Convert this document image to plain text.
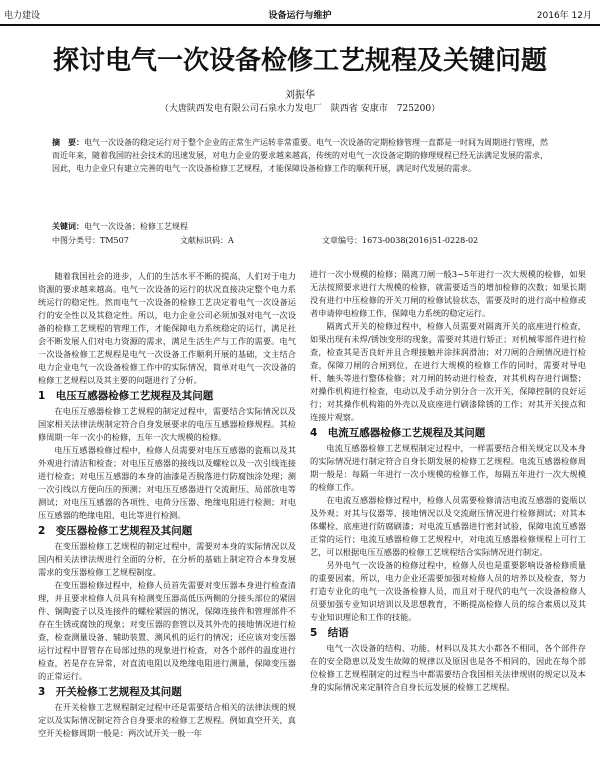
电力建设	设备运行与维护	2016年 12月
探讨电气一次设备检修工艺规程及关键问题
刘振华
（大唐陕西发电有限公司石泉水力发电厂　陕西省 安康市　725200）
摘　要：电气一次设备的稳定运行对于整个企业的正常生产运转非常重要。电气一次设备的定期检修管理一直都是一时间为周期进行管理，然而近年来，随着我国的社会技术的迅速发展，对电力企业的要求越来越高，传统的对电气一次设备定期的修理规程已经无法满足发展的需求，因此，电力企业只有建立完善的电气一次设备检修工艺规程，才能保障设备检修工作的顺利开展，满足时代发展的需求。
关键词：电气一次设备；检修工艺规程
中图分类号：TM507	文献标识码：A	文章编号：1673-0038(2016)51-0228-02

随着我国社会的进步，人们的生活水平不断的提高，人们对于电力资源的要求越来越高。电气一次设备的运行的状况直接决定整个电力系统运行的稳定性。然而电气一次设备的检修工艺决定着电气一次设备运行的安全性以及其稳定性。所以，电力企业公司必须加强对电气一次设备的检修工艺规程的管理工作，才能保障电力系统稳定的运行，满足社会不断发展人们对电力资源的需求，满足生活生产与工作的需要。电气一次设备检修工艺规程是电气一次设备工作顺利开展的基础，文主结合电力企业电气一次设备检修工作中的实际情况，简单对电气一次设备的检修工艺规程以及其主要的问题进行了分析。

1　电压互感器检修工艺规程及其问题

在电压互感器检修工艺规程的制定过程中，需要结合实际情况以及国家相关法律法规制定符合自身发展要求的电压互感器检修规程。其检修周期一年一次小的检修，五年一次大规模的检修。

电压互感器检修过程中，检修人员需要对电压互感器的瓷瓶以及其外观进行清洁和检查；对电压互感器的接线以及螺栓以及一次引线连接进行检查；对电压互感器的本身的油漆是否脱落进行防腐蚀涂处理；测一次引线以方便向压的预测；对电压互感器进行交流耐压、局部放电等测试；对电压互感器的各项性、电荷分压器、绝缘电阻进行检测；对电压互感器的绝缘电阻、电比等进行检测。

2　变压器检修工艺规程及其问题

在变压器检修工艺规程的制定过程中，需要对本身的实际情况以及国内相关法律法规进行全面的分析，在分析的基础上制定符合本身发展需求的变压器检修工艺规程制度。

在变压器检修过程中，检修人员首先需要对变压器本身进行检查清理，并且要求检修人员具有检测变压器高低压两侧的分接头部位的紧固件、铜陶瓷子以及连接件的螺栓紧固的情况，保障连接件和管理部件不存在生锈或腐蚀的现象；对变压器的套管以及其外壳的接地情况进行检查，检查测量设备、辅助装置、测风机的运行的情况；还应该对变压器运行过程中冒管存在局部过热的现象进行检查，对各个部件的温度进行检查，若是存在异常，对直流电阻以及绝缘电阻进行测量，保障变压器的正常运行。

3　开关检修工艺规程及其问题

在开关检修工艺规程制定过程中还是需要结合相关的法律法规的规定以及实际情况制定符合自身要求的检修工艺规程。例如真空开关，真空开关检修周期一般是：两次试开关一般一年

进行一次小规模的检修；隔离刀闸一般3~5年进行一次大规模的检修，如果无法按照要求进行大规模的检修，就需要适当的增加检修的次数；如果长期没有进行中压检修的开关刀闸的检修试验状态，需要及时的进行高中检修或者申请停电检修工作，保障电力系统的稳定运行。

隔离式开关的检修过程中，检修人员需要对隔离开关的底座进行检查，如果出现有未焊/锈蚀变形的现象，需要对其进行矫正；对机械零部件进行检查，检查其是否良好并且合理接触并涂抹润滑油；对刀闸的合闸情况进行检查，保障刀闸的合闸到位，在进行大规模的检修工作的同时，需要对导电杆、触头等进行整体检修；对刀闸的转动进行检查，对其机构存进行调整；对操作机构进行检查，电动以及手动分别分合一次开关，保障控制的良好运行；对其操作机构箱的外壳以及底座进行刷漆除锈的工作；对其开关接点和连接片观察。

4　电流互感器检修工艺规程及其问题

电流互感器检修工艺规程制定过程中，一样需要结合相关规定以及本身的实际情况进行制定符合自身长期发展的检修工艺规程。电流互感器检修周期一般是：每隔一年进行一次小规模的检修工作，每隔五年进行一次大规模的检修工作。

在电流互感器检修过程中，检修人员需要检修清洁电流互感器的瓷瓶以及外观；对其与仪器等、接地情况以及交流耐压情况进行检修测试；对其本体螺栓、底座进行防腐刷漆；对电流互感器进行密封试验，保障电流互感器正常的运行；电流互感器检修工艺规程中，对电流互感器检修规程上可行工艺，可以根据电压互感器的检修工艺规程结合实际情况进行制定。

另外电气一次设备的检修过程中，检修人员也是重要影响设备检修质量的重要因素，所以，电力企业还需要加强对检修人员的培养以及检查，努力打造专业化的电气一次设备检修人员，而且对于现代的电气一次设备检修人员要加强专业知识培训以及思想教育，不断提高检修人员的综合素质以及其专业知识理论和工作的技能。

5　结语

电气一次设备的结构、功能、材料以及其大小都各不相同，各个部件存在的安全隐患以及发生故障的规律以及原因也是各不相同的，因此在每个部位检修工艺规程制定的过程当中都需要结合我国相关法律规则的规定以及本身的实际情况来定制符合自身长远发展的检修工艺规程。
